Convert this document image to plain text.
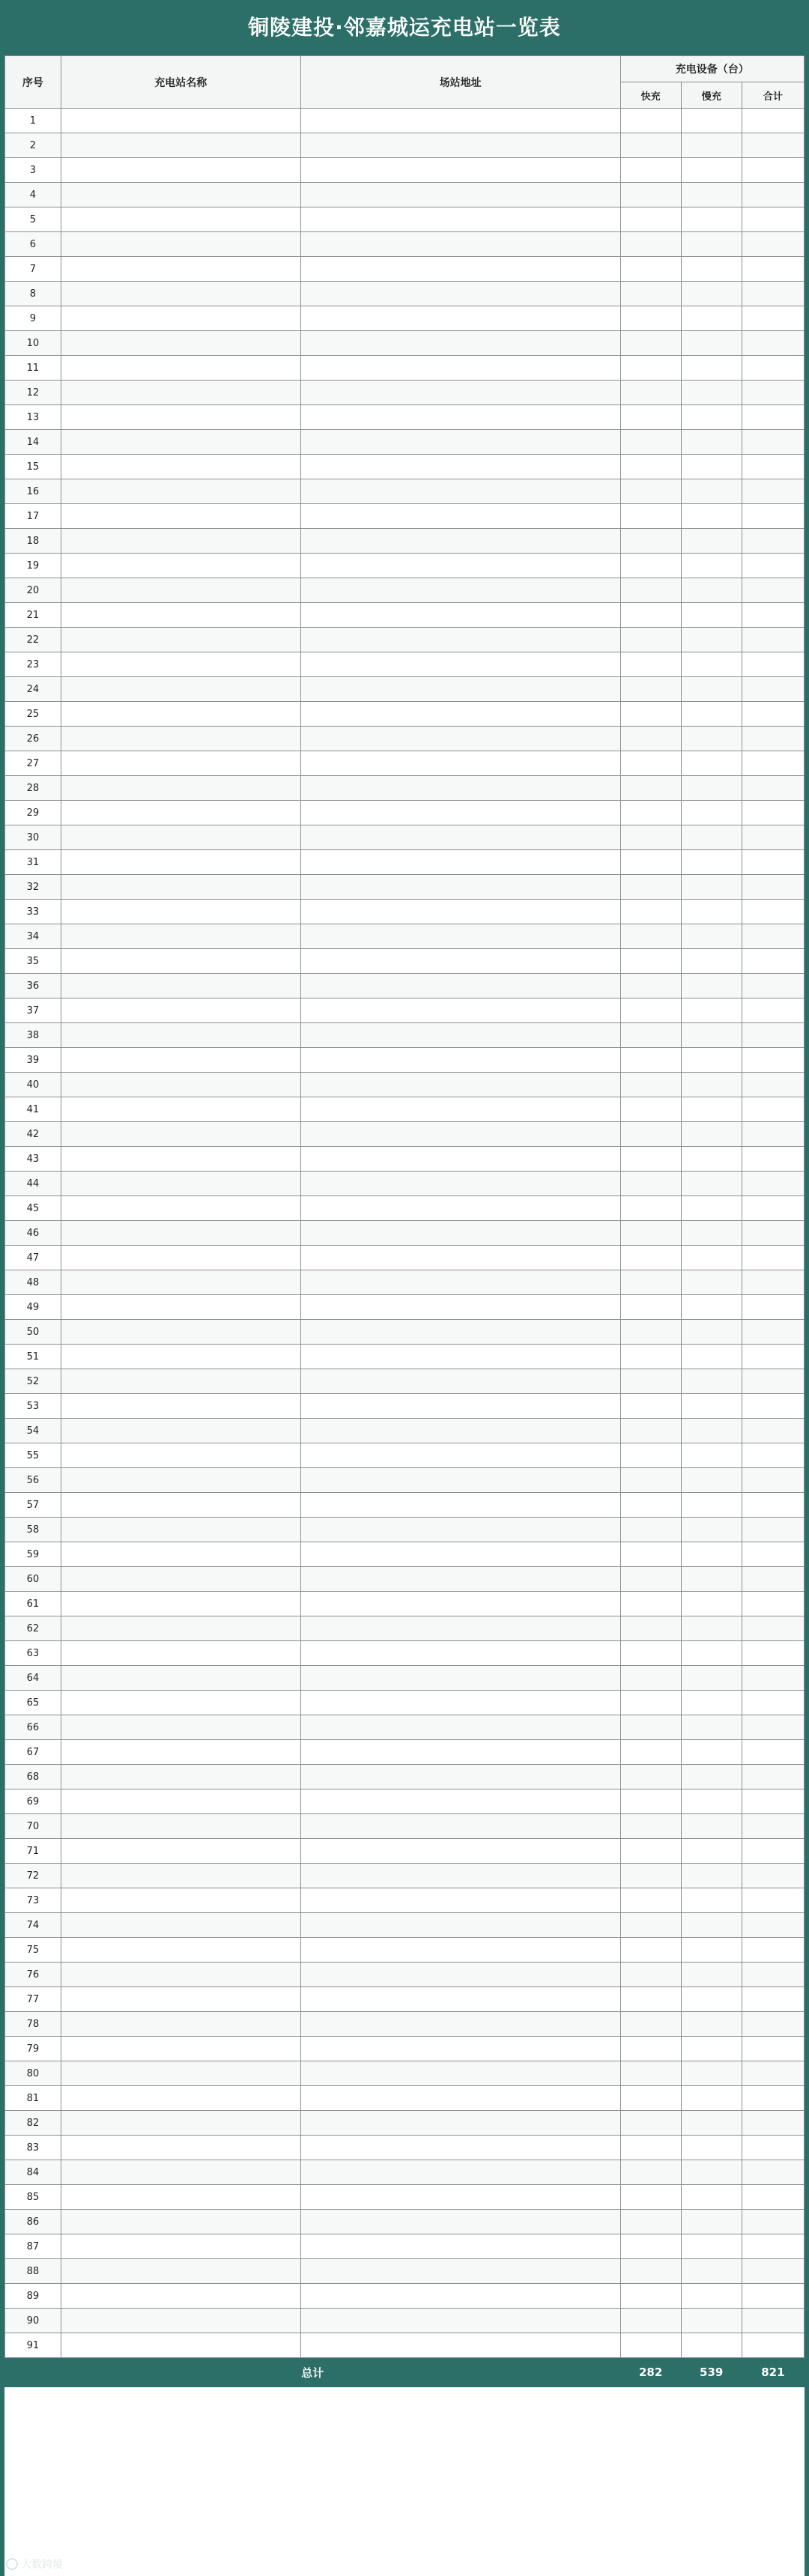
铜陵建投·邻嘉城运充电站一览表
序号	充电站名称	场站地址	充电设备（台）		
			快充	慢充	合计
1					
2					
3					
4					
5					
6					
7					
8					
9					
10					
11					
12					
13					
14					
15					
16					
17					
18					
19					
20					
21					
22					
23					
24					
25					
26					
27					
28					
29					
30					
31					
32					
33					
34					
35					
36					
37					
38					
39					
40					
41					
42					
43					
44					
45					
46					
47					
48					
49					
50					
51					
52					
53					
54					
55					
56					
57					
58					
59					
60					
61					
62					
63					
64					
65					
66					
67					
68					
69					
70					
71					
72					
73					
74					
75					
76					
77					
78					
79					
80					
81					
82					
83					
84					
85					
86					
87					
88					
89					
90					
91					
总计			282	539	821
大数跨境
